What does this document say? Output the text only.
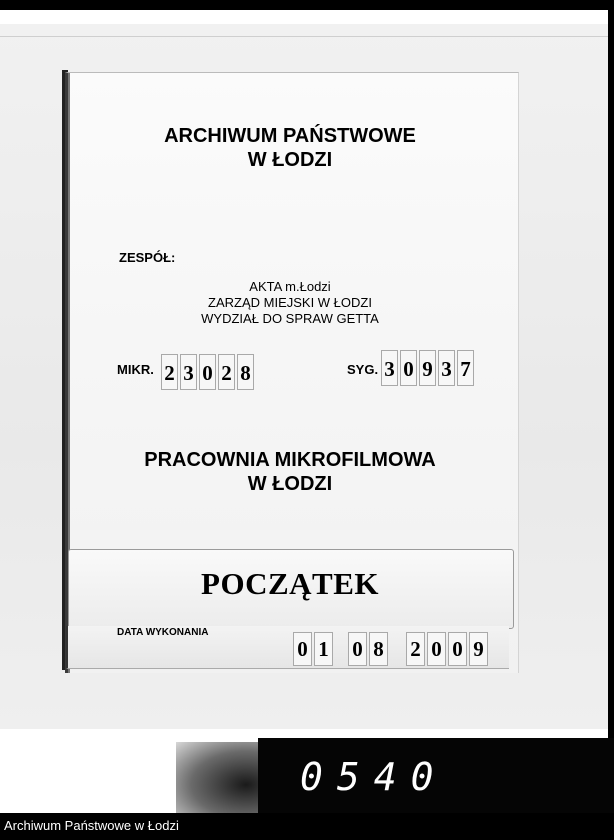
ARCHIWUM PAŃSTWOWE
W ŁODZI
ZESPÓŁ:
AKTA m.Łodzi
ZARZĄD MIEJSKI W ŁODZI
WYDZIAŁ DO SPRAW GETTA
MIKR. 2 3 0 2 8	SYG. 3 0 9 3 7
PRACOWNIA MIKROFILMOWA
W ŁODZI
POCZĄTEK
DATA WYKONANIA
0 1 0 8 2 0 0 9
0540
Archiwum Państwowe w Łodzi
